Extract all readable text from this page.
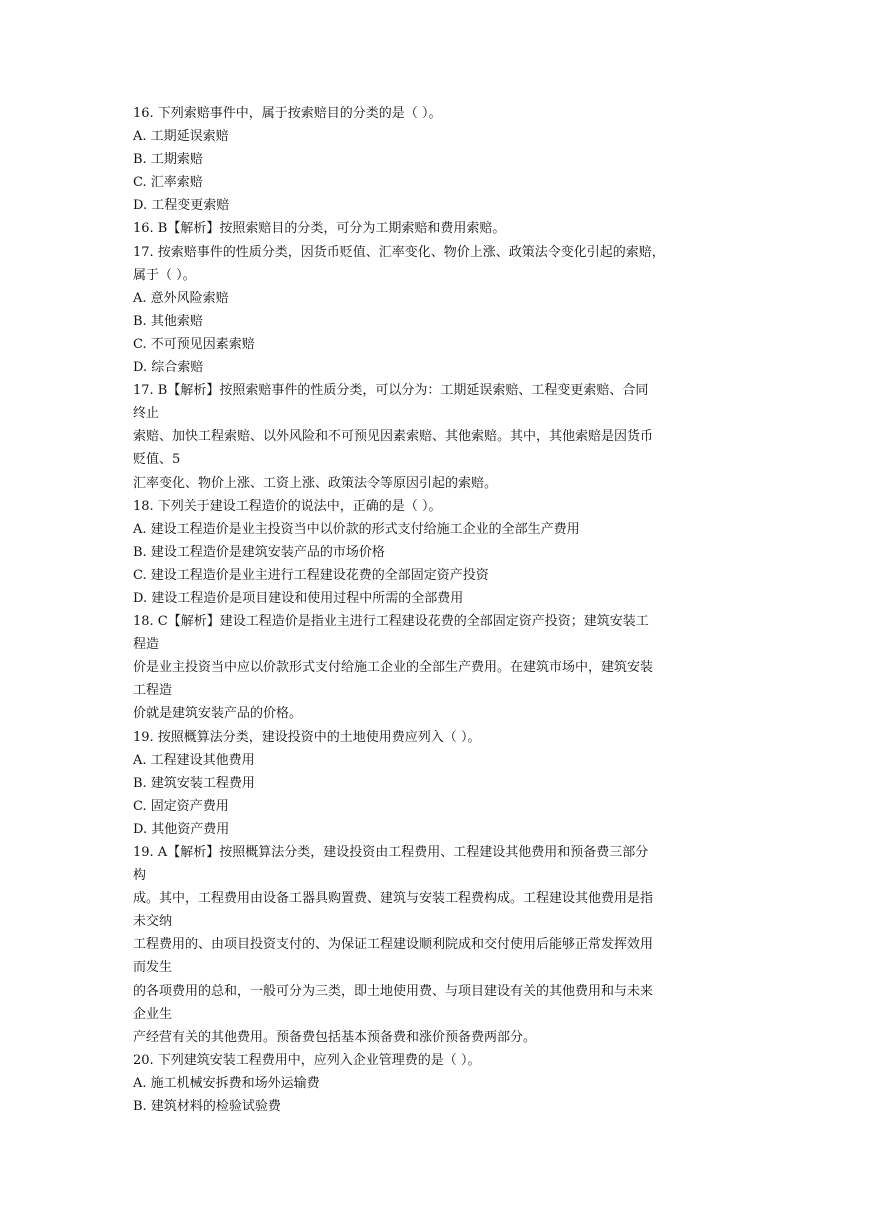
16. 下列索赔事件中，属于按索赔目的分类的是（ ）。
A. 工期延误索赔
B. 工期索赔
C. 汇率索赔
D. 工程变更索赔
16. B【解析】按照索赔目的分类，可分为工期索赔和费用索赔。
17. 按索赔事件的性质分类，因货币贬值、汇率变化、物价上涨、政策法令变化引起的索赔，
属于（ ）。
A. 意外风险索赔
B. 其他索赔
C. 不可预见因素索赔
D. 综合索赔
17. B【解析】按照索赔事件的性质分类，可以分为：工期延误索赔、工程变更索赔、合同
终止
索赔、加快工程索赔、以外风险和不可预见因素索赔、其他索赔。其中，其他索赔是因货币
贬值、5
汇率变化、物价上涨、工资上涨、政策法令等原因引起的索赔。
18. 下列关于建设工程造价的说法中，正确的是（ ）。
A. 建设工程造价是业主投资当中以价款的形式支付给施工企业的全部生产费用
B. 建设工程造价是建筑安装产品的市场价格
C. 建设工程造价是业主进行工程建设花费的全部固定资产投资
D. 建设工程造价是项目建设和使用过程中所需的全部费用
18. C【解析】建设工程造价是指业主进行工程建设花费的全部固定资产投资；建筑安装工
程造
价是业主投资当中应以价款形式支付给施工企业的全部生产费用。在建筑市场中，建筑安装
工程造
价就是建筑安装产品的价格。
19. 按照概算法分类，建设投资中的土地使用费应列入（ ）。
A. 工程建设其他费用
B. 建筑安装工程费用
C. 固定资产费用
D. 其他资产费用
19. A【解析】按照概算法分类，建设投资由工程费用、工程建设其他费用和预备费三部分
构
成。其中，工程费用由设备工器具购置费、建筑与安装工程费构成。工程建设其他费用是指
未交纳
工程费用的、由项目投资支付的、为保证工程建设顺利院成和交付使用后能够正常发挥效用
而发生
的各项费用的总和，一般可分为三类，即土地使用费、与项目建设有关的其他费用和与未来
企业生
产经营有关的其他费用。预备费包括基本预备费和涨价预备费两部分。
20. 下列建筑安装工程费用中，应列入企业管理费的是（ ）。
A. 施工机械安拆费和场外运输费
B. 建筑材料的检验试验费
